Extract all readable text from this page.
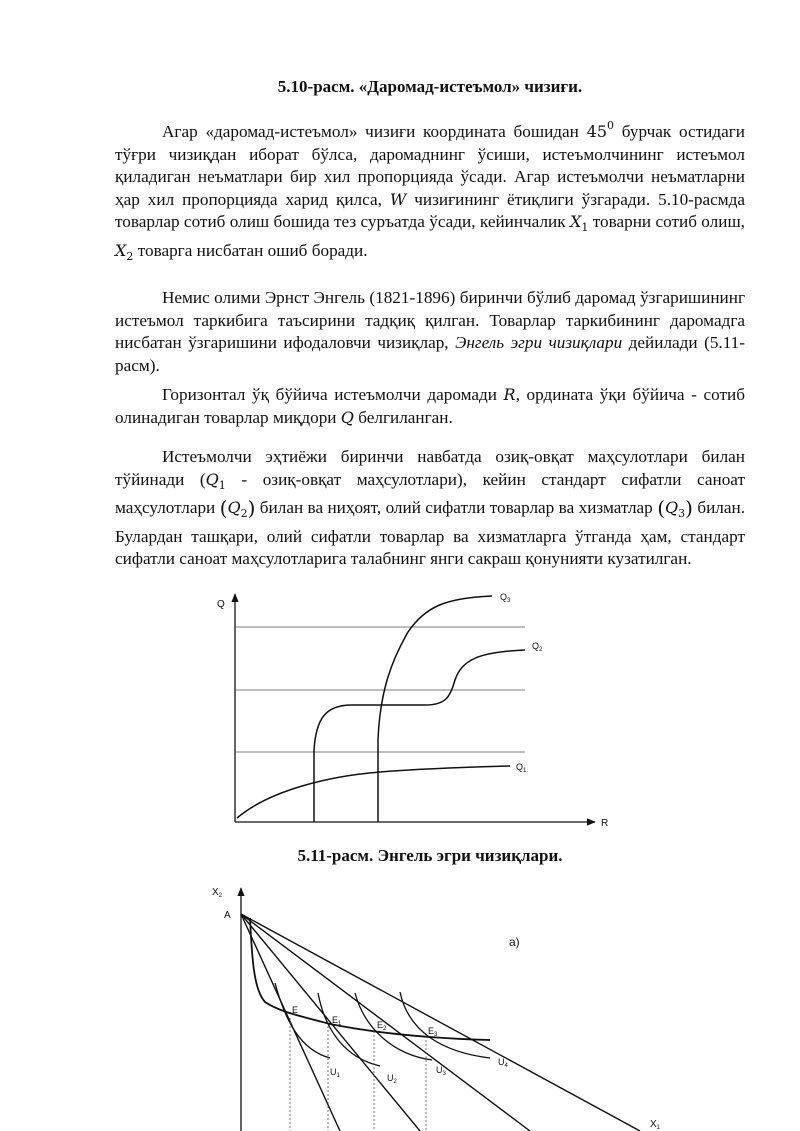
5.10-расм. «Даромад-истеъмол» чизиғи.
Агар «даромад-истеъмол» чизиғи координата бошидан $45^0$ бурчак остидаги тўғри чизиқдан иборат бўлса, даромаднинг ўсиши, истеъмолчининг истеъмол қиладиган неъматлари бир хил пропорцияда ўсади. Агар истеъмолчи неъматларни ҳар хил пропорцияда харид қилса, W чизиғининг ётиқлиги ўзгаради. 5.10-расмда товарлар сотиб олиш бошида тез суръатда ўсади, кейинчалик $X_1$ товарни сотиб олиш, $X_2$ товарга нисбатан ошиб боради.
Немис олими Эрнст Энгель (1821-1896) биринчи бўлиб даромад ўзгаришининг истеъмол таркибига таъсирини тадқиқ қилган. Товарлар таркибининг даромадга нисбатан ўзгаришини ифодаловчи чизиқлар, Энгель эгри чизиқлари дейилади (5.11-расм).
Горизонтал ўқ бўйича истеъмолчи даромади R, ордината ўқи бўйича - сотиб олинадиган товарлар миқдори Q белгиланган.
Истеъмолчи эҳтиёжи биринчи навбатда озиқ-овқат маҳсулотлари билан тўйинади ($Q_1$ - озиқ-овқат маҳсулотлари), кейин стандарт сифатли саноат маҳсулотлари $(Q_2)$ билан ва ниҳоят, олий сифатли товарлар ва хизматлар $(Q_3)$ билан. Булардан ташқари, олий сифатли товарлар ва хизматларга ўтганда ҳам, стандарт сифатли саноат маҳсулотларига талабнинг янги сакраш қонунияти кузатилган.
Q
R
$Q_3$
$Q_2$
$Q_1$
5.11-расм. Энгель эгри чизиқлари.
$X_2$
A
а)
$X_1$
E
$E_1$	$E_2$	$E_3$
$U_1$	$U_2$
$U_3$
$U_4$
